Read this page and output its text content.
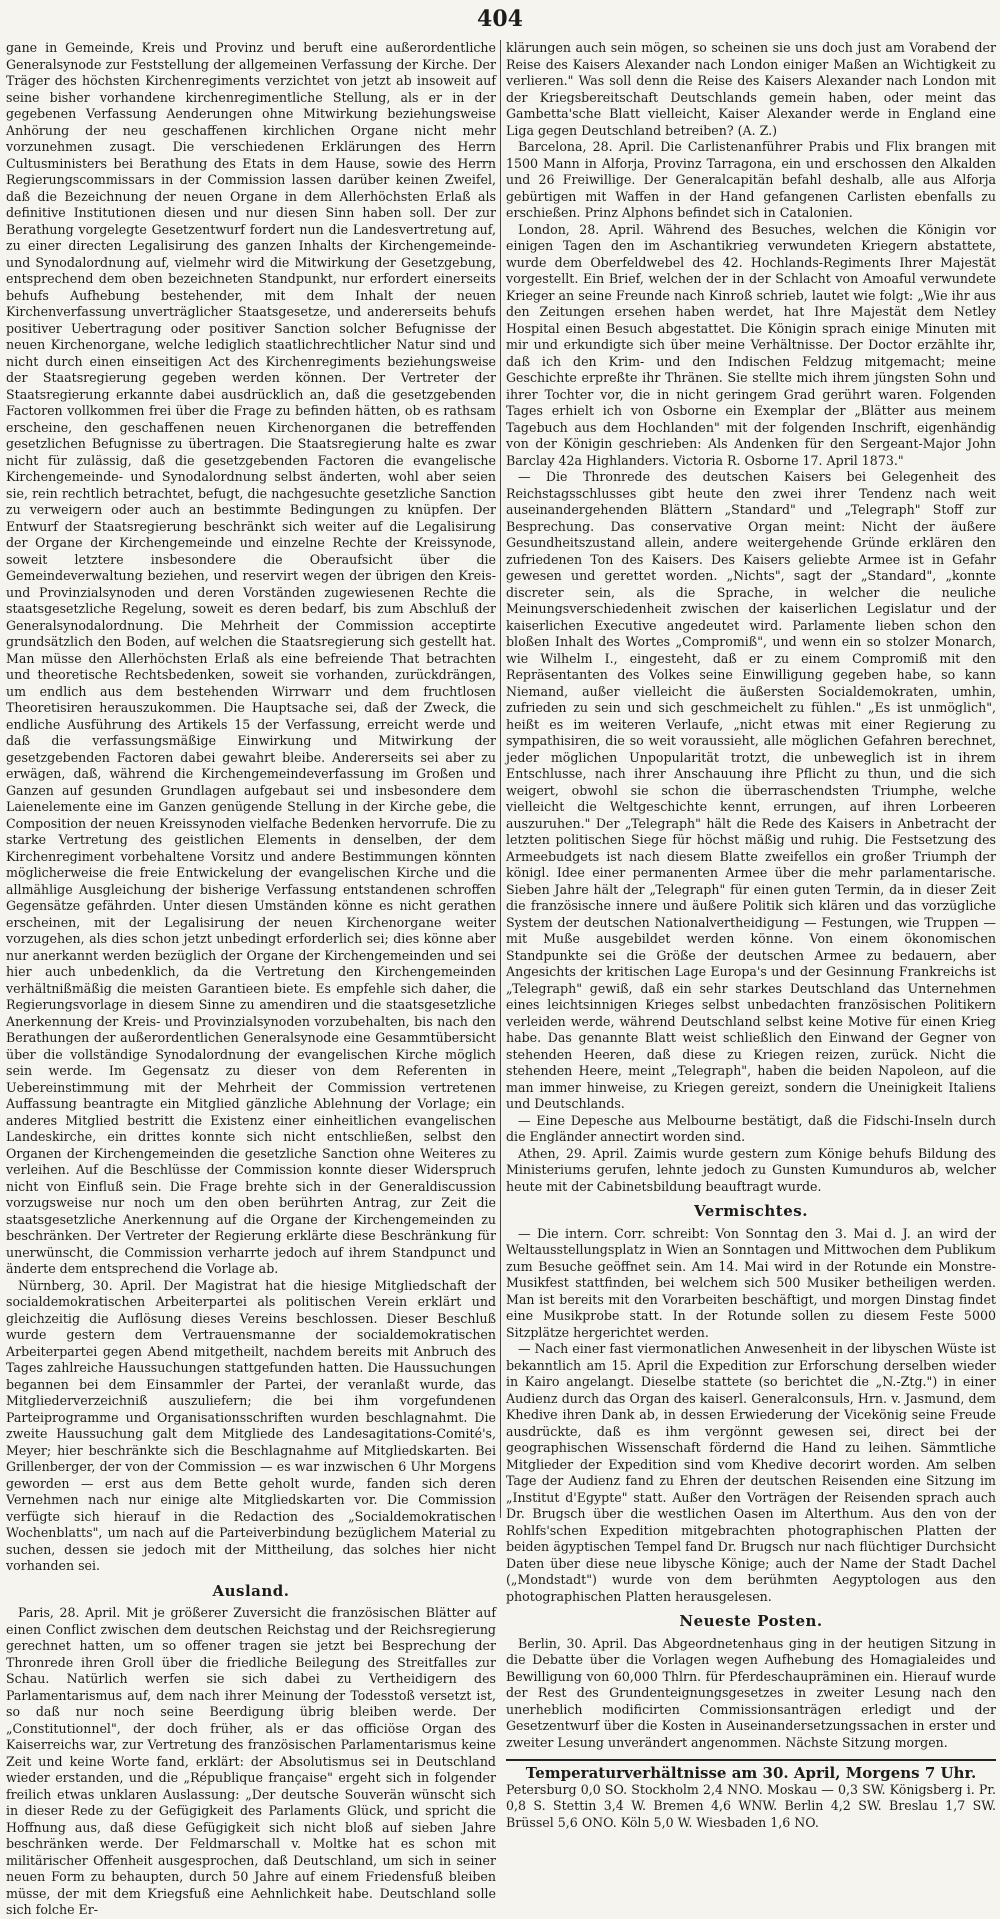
404

gane in Gemeinde, Kreis und Provinz und beruft eine außerordentliche Generalsynode zur Feststellung der allgemeinen Verfassung der Kirche. Der Träger des höchsten Kirchenregiments verzichtet von jetzt ab insoweit auf seine bisher vorhandene kirchenregimentliche Stellung, als er in der gegebenen Verfassung Aenderungen ohne Mitwirkung beziehungsweise Anhörung der neu geschaffenen kirchlichen Organe nicht mehr vorzunehmen zusagt. Die verschiedenen Erklärungen des Herrn Cultusministers bei Berathung des Etats in dem Hause, sowie des Herrn Regierungscommissars in der Commission lassen darüber keinen Zweifel, daß die Bezeichnung der neuen Organe in dem Allerhöchsten Erlaß als definitive Institutionen diesen und nur diesen Sinn haben soll. Der zur Berathung vorgelegte Gesetzentwurf fordert nun die Landesvertretung auf, zu einer directen Legalisirung des ganzen Inhalts der Kirchengemeinde- und Synodalordnung auf, vielmehr wird die Mitwirkung der Gesetzgebung, entsprechend dem oben bezeichneten Standpunkt, nur erfordert einerseits behufs Aufhebung bestehender, mit dem Inhalt der neuen Kirchenverfassung unverträglicher Staatsgesetze, und andererseits behufs positiver Uebertragung oder positiver Sanction solcher Befugnisse der neuen Kirchenorgane, welche lediglich staatlichrechtlicher Natur sind und nicht durch einen einseitigen Act des Kirchenregiments beziehungsweise der Staatsregierung gegeben werden können. Der Vertreter der Staatsregierung erkannte dabei ausdrücklich an, daß die gesetzgebenden Factoren vollkommen frei über die Frage zu befinden hätten, ob es rathsam erscheine, den geschaffenen neuen Kirchenorganen die betreffenden gesetzlichen Befugnisse zu übertragen. Die Staatsregierung halte es zwar nicht für zulässig, daß die gesetzgebenden Factoren die evangelische Kirchengemeinde- und Synodalordnung selbst änderten, wohl aber seien sie, rein rechtlich betrachtet, befugt, die nachgesuchte gesetzliche Sanction zu verweigern oder auch an bestimmte Bedingungen zu knüpfen. Der Entwurf der Staatsregierung beschränkt sich weiter auf die Legalisirung der Organe der Kirchengemeinde und einzelne Rechte der Kreissynode, soweit letztere insbesondere die Oberaufsicht über die Gemeindeverwaltung beziehen, und reservirt wegen der übrigen den Kreis- und Provinzialsynoden und deren Vorständen zugewiesenen Rechte die staatsgesetzliche Regelung, soweit es deren bedarf, bis zum Abschluß der Generalsynodalordnung. Die Mehrheit der Commission acceptirte grundsätzlich den Boden, auf welchen die Staatsregierung sich gestellt hat. Man müsse den Allerhöchsten Erlaß als eine befreiende That betrachten und theoretische Rechtsbedenken, soweit sie vorhanden, zurückdrängen, um endlich aus dem bestehenden Wirrwarr und dem fruchtlosen Theoretisiren herauszukommen. Die Hauptsache sei, daß der Zweck, die endliche Ausführung des Artikels 15 der Verfassung, erreicht werde und daß die verfassungsmäßige Einwirkung und Mitwirkung der gesetzgebenden Factoren dabei gewahrt bleibe. Andererseits sei aber zu erwägen, daß, während die Kirchengemeindeverfassung im Großen und Ganzen auf gesunden Grundlagen aufgebaut sei und insbesondere dem Laienelemente eine im Ganzen genügende Stellung in der Kirche gebe, die Composition der neuen Kreissynoden vielfache Bedenken hervorrufe. Die zu starke Vertretung des geistlichen Elements in denselben, der dem Kirchenregiment vorbehaltene Vorsitz und andere Bestimmungen könnten möglicherweise die freie Entwickelung der evangelischen Kirche und die allmählige Ausgleichung der bisherige Verfassung entstandenen schroffen Gegensätze gefährden. Unter diesen Umständen könne es nicht gerathen erscheinen, mit der Legalisirung der neuen Kirchenorgane weiter vorzugehen, als dies schon jetzt unbedingt erforderlich sei; dies könne aber nur anerkannt werden bezüglich der Organe der Kirchengemeinden und sei hier auch unbedenklich, da die Vertretung den Kirchengemeinden verhältnißmäßig die meisten Garantieen biete. Es empfehle sich daher, die Regierungsvorlage in diesem Sinne zu amendiren und die staatsgesetzliche Anerkennung der Kreis- und Provinzialsynoden vorzubehalten, bis nach den Berathungen der außerordentlichen Generalsynode eine Gesammtübersicht über die vollständige Synodalordnung der evangelischen Kirche möglich sein werde. Im Gegensatz zu dieser von dem Referenten in Uebereinstimmung mit der Mehrheit der Commission vertretenen Auffassung beantragte ein Mitglied gänzliche Ablehnung der Vorlage; ein anderes Mitglied bestritt die Existenz einer einheitlichen evangelischen Landeskirche, ein drittes konnte sich nicht entschließen, selbst den Organen der Kirchengemeinden die gesetzliche Sanction ohne Weiteres zu verleihen. Auf die Beschlüsse der Commission konnte dieser Widerspruch nicht von Einfluß sein. Die Frage brehte sich in der Generaldiscussion vorzugsweise nur noch um den oben berührten Antrag, zur Zeit die staatsgesetzliche Anerkennung auf die Organe der Kirchengemeinden zu beschränken. Der Vertreter der Regierung erklärte diese Beschränkung für unerwünscht, die Commission verharrte jedoch auf ihrem Standpunct und änderte dem entsprechend die Vorlage ab.

Nürnberg, 30. April. Der Magistrat hat die hiesige Mitgliedschaft der socialdemokratischen Arbeiterpartei als politischen Verein erklärt und gleichzeitig die Auflösung dieses Vereins beschlossen. Dieser Beschluß wurde gestern dem Vertrauensmanne der socialdemokratischen Arbeiterpartei gegen Abend mitgetheilt, nachdem bereits mit Anbruch des Tages zahlreiche Haussuchungen stattgefunden hatten. Die Haussuchungen begannen bei dem Einsammler der Partei, der veranlaßt wurde, das Mitgliederverzeichniß auszuliefern; die bei ihm vorgefundenen Parteiprogramme und Organisationsschriften wurden beschlagnahmt. Die zweite Haussuchung galt dem Mitgliede des Landesagitations-Comité's, Meyer; hier beschränkte sich die Beschlagnahme auf Mitgliedskarten. Bei Grillenberger, der von der Commission — es war inzwischen 6 Uhr Morgens geworden — erst aus dem Bette geholt wurde, fanden sich deren Vernehmen nach nur einige alte Mitgliedskarten vor. Die Commission verfügte sich hierauf in die Redaction des „Socialdemokratischen Wochenblatts", um nach auf die Parteiverbindung bezüglichem Material zu suchen, dessen sie jedoch mit der Mittheilung, das solches hier nicht vorhanden sei.

Ausland.

Paris, 28. April. Mit je größerer Zuversicht die französischen Blätter auf einen Conflict zwischen dem deutschen Reichstag und der Reichsregierung gerechnet hatten, um so offener tragen sie jetzt bei Besprechung der Thronrede ihren Groll über die friedliche Beilegung des Streitfalles zur Schau. Natürlich werfen sie sich dabei zu Vertheidigern des Parlamentarismus auf, dem nach ihrer Meinung der Todesstoß versetzt ist, so daß nur noch seine Beerdigung übrig bleiben werde. Der „Constitutionnel", der doch früher, als er das officiöse Organ des Kaiserreichs war, zur Vertretung des französischen Parlamentarismus keine Zeit und keine Worte fand, erklärt: der Absolutismus sei in Deutschland wieder erstanden, und die „République française" ergeht sich in folgender freilich etwas unklaren Auslassung: „Der deutsche Souverän wünscht sich in dieser Rede zu der Gefügigkeit des Parlaments Glück, und spricht die Hoffnung aus, daß diese Gefügigkeit sich nicht bloß auf sieben Jahre beschränken werde. Der Feldmarschall v. Moltke hat es schon mit militärischer Offenheit ausgesprochen, daß Deutschland, um sich in seiner neuen Form zu behaupten, durch 50 Jahre auf einem Friedensfuß bleiben müsse, der mit dem Kriegsfuß eine Aehnlichkeit habe. Deutschland solle sich folche Er-

klärungen auch sein mögen, so scheinen sie uns doch just am Vorabend der Reise des Kaisers Alexander nach London einiger Maßen an Wichtigkeit zu verlieren." Was soll denn die Reise des Kaisers Alexander nach London mit der Kriegsbereitschaft Deutschlands gemein haben, oder meint das Gambetta'sche Blatt vielleicht, Kaiser Alexander werde in England eine Liga gegen Deutschland betreiben? (A. Z.)

Barcelona, 28. April. Die Carlistenanführer Prabis und Flix brangen mit 1500 Mann in Alforja, Provinz Tarragona, ein und erschossen den Alkalden und 26 Freiwillige. Der Generalcapitän befahl deshalb, alle aus Alforja gebürtigen mit Waffen in der Hand gefangenen Carlisten ebenfalls zu erschießen. Prinz Alphons befindet sich in Catalonien.

London, 28. April. Während des Besuches, welchen die Königin vor einigen Tagen den im Aschantikrieg verwundeten Kriegern abstattete, wurde dem Oberfeldwebel des 42. Hochlands-Regiments Ihrer Majestät vorgestellt. Ein Brief, welchen der in der Schlacht von Amoaful verwundete Krieger an seine Freunde nach Kinroß schrieb, lautet wie folgt: „Wie ihr aus den Zeitungen ersehen haben werdet, hat Ihre Majestät dem Netley Hospital einen Besuch abgestattet. Die Königin sprach einige Minuten mit mir und erkundigte sich über meine Verhältnisse. Der Doctor erzählte ihr, daß ich den Krim- und den Indischen Feldzug mitgemacht; meine Geschichte erpreßte ihr Thränen. Sie stellte mich ihrem jüngsten Sohn und ihrer Tochter vor, die in nicht geringem Grad gerührt waren. Folgenden Tages erhielt ich von Osborne ein Exemplar der „Blätter aus meinem Tagebuch aus dem Hochlanden" mit der folgenden Inschrift, eigenhändig von der Königin geschrieben: Als Andenken für den Sergeant-Major John Barclay 42a Highlanders. Victoria R. Osborne 17. April 1873."

— Die Thronrede des deutschen Kaisers bei Gelegenheit des Reichstagsschlusses gibt heute den zwei ihrer Tendenz nach weit auseinandergehenden Blättern „Standard" und „Telegraph" Stoff zur Besprechung. Das conservative Organ meint: Nicht der äußere Gesundheitszustand allein, andere weitergehende Gründe erklären den zufriedenen Ton des Kaisers. Des Kaisers geliebte Armee ist in Gefahr gewesen und gerettet worden. „Nichts", sagt der „Standard", „konnte discreter sein, als die Sprache, in welcher die neuliche Meinungsverschiedenheit zwischen der kaiserlichen Legislatur und der kaiserlichen Executive angedeutet wird. Parlamente lieben schon den bloßen Inhalt des Wortes „Compromiß", und wenn ein so stolzer Monarch, wie Wilhelm I., eingesteht, daß er zu einem Compromiß mit den Repräsentanten des Volkes seine Einwilligung gegeben habe, so kann Niemand, außer vielleicht die äußersten Socialdemokraten, umhin, zufrieden zu sein und sich geschmeichelt zu fühlen." „Es ist unmöglich", heißt es im weiteren Verlaufe, „nicht etwas mit einer Regierung zu sympathisiren, die so weit voraussieht, alle möglichen Gefahren berechnet, jeder möglichen Unpopularität trotzt, die unbeweglich ist in ihrem Entschlusse, nach ihrer Anschauung ihre Pflicht zu thun, und die sich weigert, obwohl sie schon die überraschendsten Triumphe, welche vielleicht die Weltgeschichte kennt, errungen, auf ihren Lorbeeren auszuruhen." Der „Telegraph" hält die Rede des Kaisers in Anbetracht der letzten politischen Siege für höchst mäßig und ruhig. Die Festsetzung des Armeebudgets ist nach diesem Blatte zweifellos ein großer Triumph der königl. Idee einer permanenten Armee über die mehr parlamentarische. Sieben Jahre hält der „Telegraph" für einen guten Termin, da in dieser Zeit die französische innere und äußere Politik sich klären und das vorzügliche System der deutschen Nationalvertheidigung — Festungen, wie Truppen — mit Muße ausgebildet werden könne. Von einem ökonomischen Standpunkte sei die Größe der deutschen Armee zu bedauern, aber Angesichts der kritischen Lage Europa's und der Gesinnung Frankreichs ist „Telegraph" gewiß, daß ein sehr starkes Deutschland das Unternehmen eines leichtsinnigen Krieges selbst unbedachten französischen Politikern verleiden werde, während Deutschland selbst keine Motive für einen Krieg habe. Das genannte Blatt weist schließlich den Einwand der Gegner von stehenden Heeren, daß diese zu Kriegen reizen, zurück. Nicht die stehenden Heere, meint „Telegraph", haben die beiden Napoleon, auf die man immer hinweise, zu Kriegen gereizt, sondern die Uneinigkeit Italiens und Deutschlands.

— Eine Depesche aus Melbourne bestätigt, daß die Fidschi-Inseln durch die Engländer annectirt worden sind.

Athen, 29. April. Zaimis wurde gestern zum Könige behufs Bildung des Ministeriums gerufen, lehnte jedoch zu Gunsten Kumunduros ab, welcher heute mit der Cabinetsbildung beauftragt wurde.

Vermischtes.

— Die intern. Corr. schreibt: Von Sonntag den 3. Mai d. J. an wird der Weltausstellungsplatz in Wien an Sonntagen und Mittwochen dem Publikum zum Besuche geöffnet sein. Am 14. Mai wird in der Rotunde ein Monstre-Musikfest stattfinden, bei welchem sich 500 Musiker betheiligen werden. Man ist bereits mit den Vorarbeiten beschäftigt, und morgen Dinstag findet eine Musikprobe statt. In der Rotunde sollen zu diesem Feste 5000 Sitzplätze hergerichtet werden.

— Nach einer fast viermonatlichen Anwesenheit in der libyschen Wüste ist bekanntlich am 15. April die Expedition zur Erforschung derselben wieder in Kairo angelangt. Dieselbe stattete (so berichtet die „N.-Ztg.") in einer Audienz durch das Organ des kaiserl. Generalconsuls, Hrn. v. Jasmund, dem Khedive ihren Dank ab, in dessen Erwiederung der Vicekönig seine Freude ausdrückte, daß es ihm vergönnt gewesen sei, direct bei der geographischen Wissenschaft fördernd die Hand zu leihen. Sämmtliche Mitglieder der Expedition sind vom Khedive decorirt worden. Am selben Tage der Audienz fand zu Ehren der deutschen Reisenden eine Sitzung im „Institut d'Egypte" statt. Außer den Vorträgen der Reisenden sprach auch Dr. Brugsch über die westlichen Oasen im Alterthum. Aus den von der Rohlfs'schen Expedition mitgebrachten photographischen Platten der beiden ägyptischen Tempel fand Dr. Brugsch nur nach flüchtiger Durchsicht Daten über diese neue libysche Könige; auch der Name der Stadt Dachel („Mondstadt") wurde von dem berühmten Aegyptologen aus den photographischen Platten herausgelesen.

Neueste Posten.

Berlin, 30. April. Das Abgeordnetenhaus ging in der heutigen Sitzung in die Debatte über die Vorlagen wegen Aufhebung des Homagialeides und Bewilligung von 60,000 Thlrn. für Pferdeschaupräminen ein. Hierauf wurde der Rest des Grundenteignungsgesetzes in zweiter Lesung nach den unerheblich modificirten Commissionsanträgen erledigt und der Gesetzentwurf über die Kosten in Auseinandersetzungssachen in erster und zweiter Lesung unverändert angenommen. Nächste Sitzung morgen.

Temperaturverhältnisse am 30. April, Morgens 7 Uhr.

Petersburg 0,0 SO. Stockholm 2,4 NNO. Moskau — 0,3 SW. Königsberg i. Pr. 0,8 S. Stettin 3,4 W. Bremen 4,6 WNW. Berlin 4,2 SW. Breslau 1,7 SW. Brüssel 5,6 ONO. Köln 5,0 W. Wiesbaden 1,6 NO.
